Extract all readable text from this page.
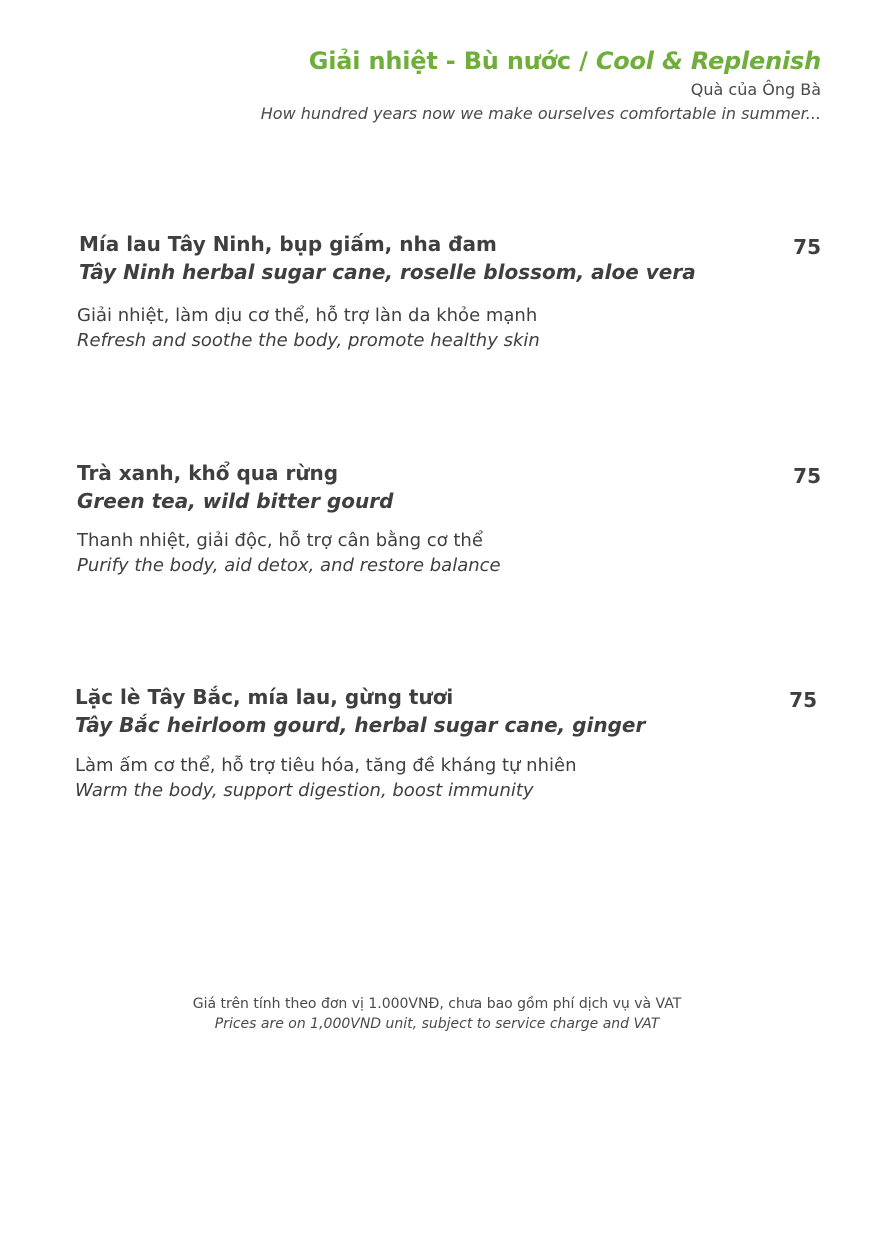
Giải nhiệt - Bù nước / Cool & Replenish
Quà của Ông Bà
How hundred years now we make ourselves comfortable in summer...
Mía lau Tây Ninh, bụp giấm, nha đam
Tây Ninh herbal sugar cane, roselle blossom, aloe vera
Giải nhiệt, làm dịu cơ thể, hỗ trợ làn da khỏe mạnh
Refresh and soothe the body, promote healthy skin
75
Trà xanh, khổ qua rừng
Green tea, wild bitter gourd
Thanh nhiệt, giải độc, hỗ trợ cân bằng cơ thể
Purify the body, aid detox, and restore balance
75
Lặc lè Tây Bắc, mía lau, gừng tươi
Tây Bắc heirloom gourd, herbal sugar cane, ginger
Làm ấm cơ thể, hỗ trợ tiêu hóa, tăng đề kháng tự nhiên
Warm the body, support digestion, boost immunity
75
Giá trên tính theo đơn vị 1.000VNĐ, chưa bao gồm phí dịch vụ và VAT
Prices are on 1,000VND unit, subject to service charge and VAT
